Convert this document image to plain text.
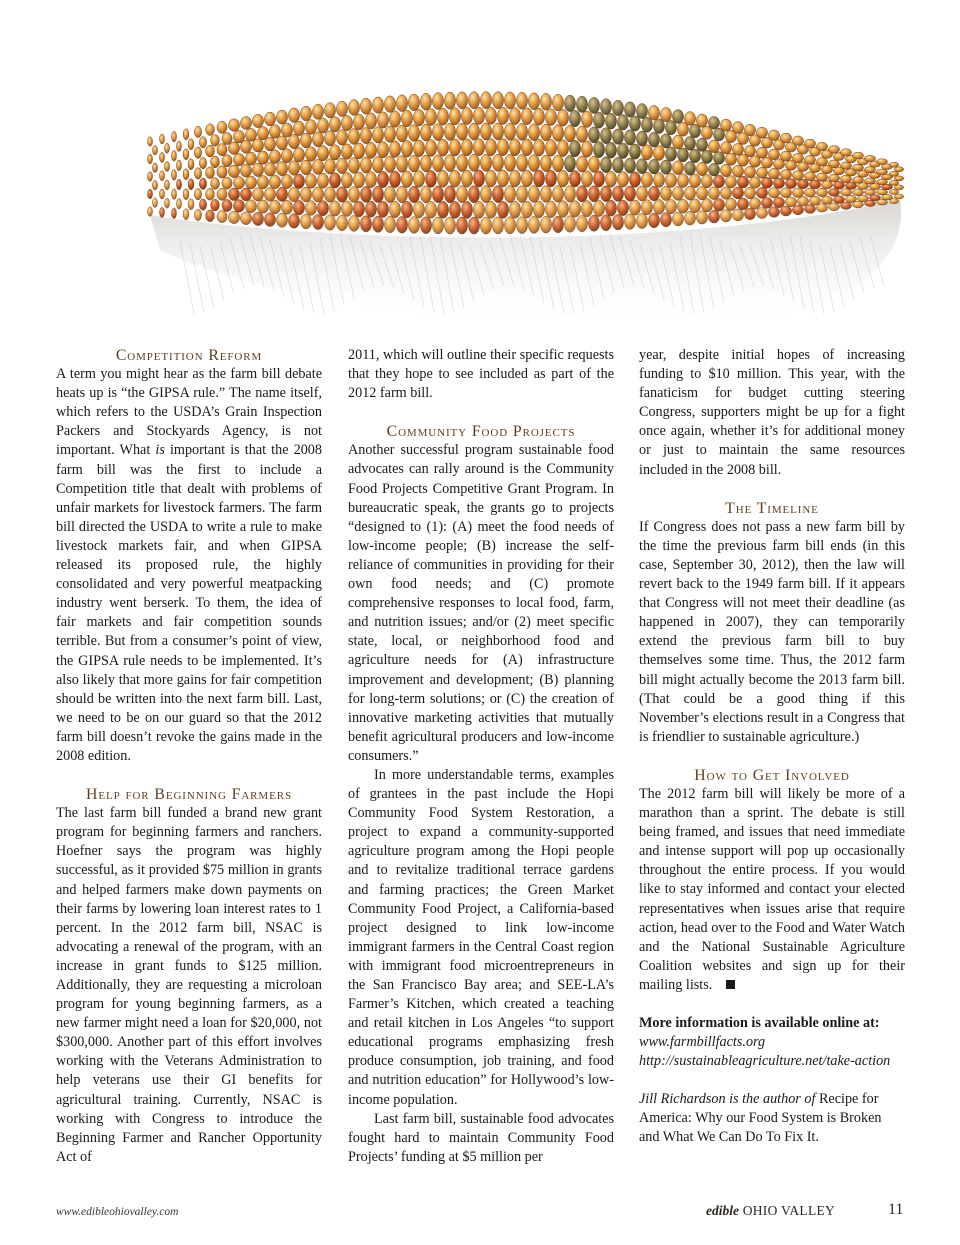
Competition Reform

A term you might hear as the farm bill debate heats up is “the GIPSA rule.” The name itself, which refers to the USDA’s Grain Inspection Packers and Stockyards Agency, is not important. What is important is that the 2008 farm bill was the first to include a Competition title that dealt with problems of unfair markets for livestock farmers. The farm bill directed the USDA to write a rule to make livestock markets fair, and when GIPSA released its proposed rule, the highly consolidated and very powerful meatpacking industry went berserk. To them, the idea of fair markets and fair competition sounds terrible. But from a consumer’s point of view, the GIPSA rule needs to be implemented. It’s also likely that more gains for fair competition should be written into the next farm bill. Last, we need to be on our guard so that the 2012 farm bill doesn’t revoke the gains made in the 2008 edition.

Help for Beginning Farmers

The last farm bill funded a brand new grant program for beginning farmers and ranchers. Hoefner says the program was highly successful, as it provided $75 million in grants and helped farmers make down payments on their farms by lowering loan interest rates to 1 percent. In the 2012 farm bill, NSAC is advocating a renewal of the program, with an increase in grant funds to $125 million. Additionally, they are requesting a microloan program for young beginning farmers, as a new farmer might need a loan for $20,000, not $300,000. Another part of this effort involves working with the Veterans Administration to help veterans use their GI benefits for agricultural training. Currently, NSAC is working with Congress to introduce the Beginning Farmer and Rancher Opportunity Act of

2011, which will outline their specific requests that they hope to see included as part of the 2012 farm bill.

Community Food Projects

Another successful program sustainable food advocates can rally around is the Community Food Projects Competitive Grant Program. In bureaucratic speak, the grants go to projects “designed to (1): (A) meet the food needs of low-income people; (B) increase the self-reliance of communities in providing for their own food needs; and (C) promote comprehensive responses to local food, farm, and nutrition issues; and/or (2) meet specific state, local, or neighborhood food and agriculture needs for (A) infrastructure improvement and development; (B) planning for long-term solutions; or (C) the creation of innovative marketing activities that mutually benefit agricultural producers and low-income consumers.”

In more understandable terms, examples of grantees in the past include the Hopi Community Food System Restoration, a project to expand a community-supported agriculture program among the Hopi people and to revitalize traditional terrace gardens and farming practices; the Green Market Community Food Project, a California-based project designed to link low-income immigrant farmers in the Central Coast region with immigrant food microentrepreneurs in the San Francisco Bay area; and SEE-LA’s Farmer’s Kitchen, which created a teaching and retail kitchen in Los Angeles “to support educational programs emphasizing fresh produce consumption, job training, and food and nutrition education” for Hollywood’s low-income population.

Last farm bill, sustainable food advocates fought hard to maintain Community Food Projects’ funding at $5 million per

year, despite initial hopes of increasing funding to $10 million. This year, with the fanaticism for budget cutting steering Congress, supporters might be up for a fight once again, whether it’s for additional money or just to maintain the same resources included in the 2008 bill.

The Timeline

If Congress does not pass a new farm bill by the time the previous farm bill ends (in this case, September 30, 2012), then the law will revert back to the 1949 farm bill. If it appears that Congress will not meet their deadline (as happened in 2007), they can temporarily extend the previous farm bill to buy themselves some time. Thus, the 2012 farm bill might actually become the 2013 farm bill. (That could be a good thing if this November’s elections result in a Congress that is friendlier to sustainable agriculture.)

How to Get Involved

The 2012 farm bill will likely be more of a marathon than a sprint. The debate is still being framed, and issues that need immediate and intense support will pop up occasionally throughout the entire process. If you would like to stay informed and contact your elected representatives when issues arise that require action, head over to the Food and Water Watch and the National Sustainable Agriculture Coalition websites and sign up for their mailing lists.

More information is available online at:

www.farmbillfacts.org
http://sustainableagriculture.net/take-action

Jill Richardson is the author of Recipe for America: Why our Food System is Broken and What We Can Do To Fix It.

www.edibleohiovalley.com	edible OHIO VALLEY	11
